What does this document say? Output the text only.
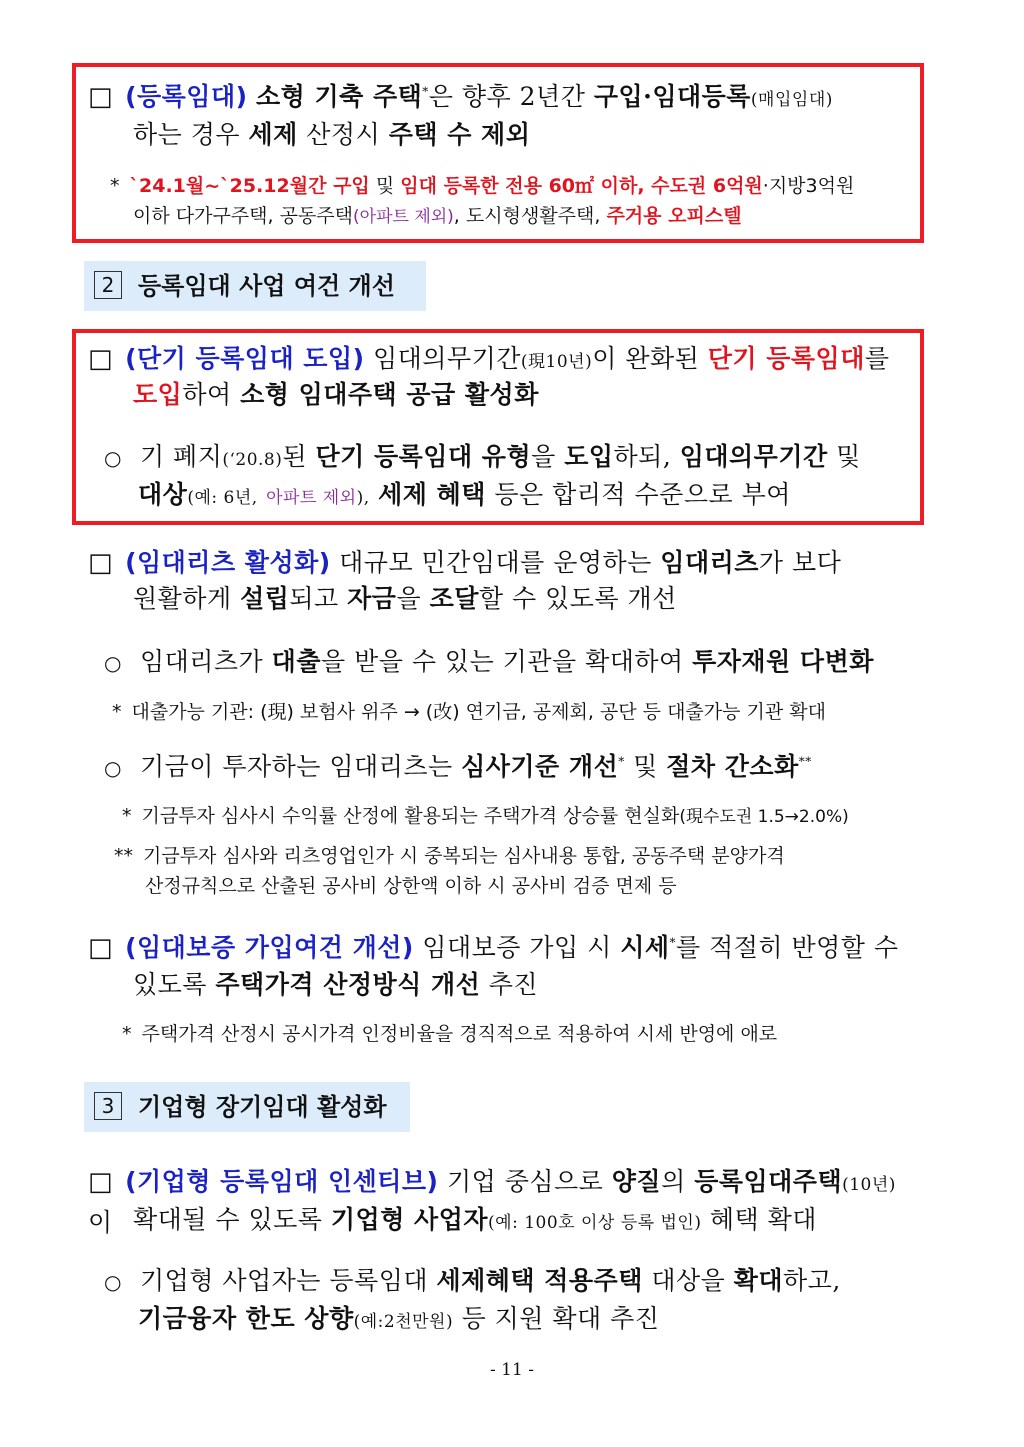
□ (등록임대) 소형 기축 주택*은 향후 2년간 구입·임대등록(매입임대)
하는 경우 세제 산정시 주택 수 제외
* `24.1월~`25.12월간 구입 및 임대 등록한 전용 60㎡ 이하, 수도권 6억원·지방3억원
이하 다가구주택, 공동주택(아파트 제외), 도시형생활주택, 주거용 오피스텔
2 등록임대 사업 여건 개선
□ (단기 등록임대 도입) 임대의무기간(現10년)이 완화된 단기 등록임대를
도입하여 소형 임대주택 공급 활성화
○ 기 폐지(‘20.8)된 단기 등록임대 유형을 도입하되, 임대의무기간 및
대상(예: 6년, 아파트 제외), 세제 혜택 등은 합리적 수준으로 부여
□ (임대리츠 활성화) 대규모 민간임대를 운영하는 임대리츠가 보다
원활하게 설립되고 자금을 조달할 수 있도록 개선
○ 임대리츠가 대출을 받을 수 있는 기관을 확대하여 투자재원 다변화
* 대출가능 기관: (現) 보험사 위주 → (改) 연기금, 공제회, 공단 등 대출가능 기관 확대
○ 기금이 투자하는 임대리츠는 심사기준 개선* 및 절차 간소화**
* 기금투자 심사시 수익률 산정에 활용되는 주택가격 상승률 현실화(現수도권 1.5→2.0%)
** 기금투자 심사와 리츠영업인가 시 중복되는 심사내용 통합, 공동주택 분양가격
산정규칙으로 산출된 공사비 상한액 이하 시 공사비 검증 면제 등
□ (임대보증 가입여건 개선) 임대보증 가입 시 시세*를 적절히 반영할 수
있도록 주택가격 산정방식 개선 추진
* 주택가격 산정시 공시가격 인정비율을 경직적으로 적용하여 시세 반영에 애로
3 기업형 장기임대 활성화
□ (기업형 등록임대 인센티브) 기업 중심으로 양질의 등록임대주택(10년)이 확대될 수 있도록 기업형 사업자(예: 100호 이상 등록 법인) 혜택 확대
○ 기업형 사업자는 등록임대 세제혜택 적용주택 대상을 확대하고,
기금융자 한도 상향(예:2천만원) 등 지원 확대 추진
- 11 -
